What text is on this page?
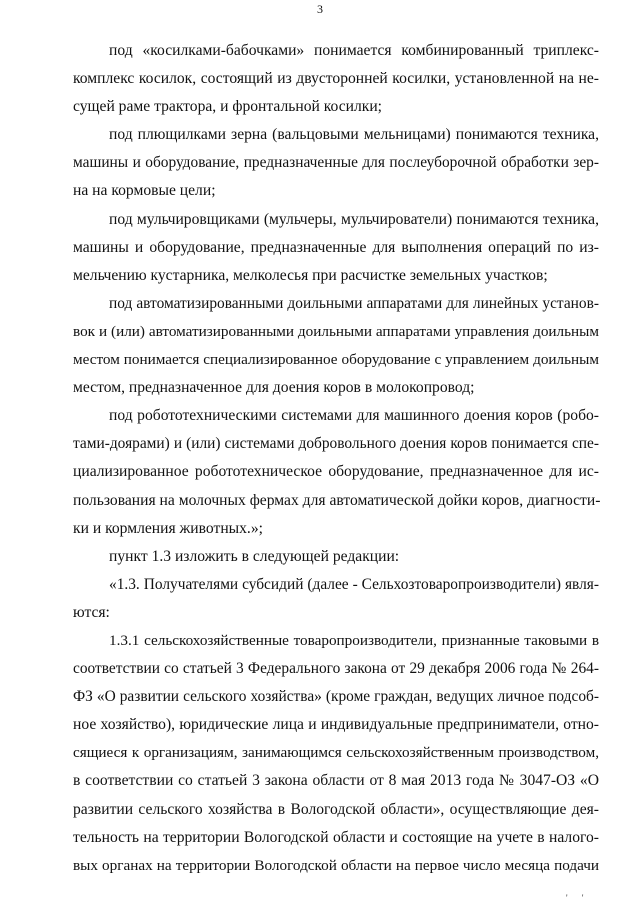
3
под «косилками-бабочками» понимается комбинированный триплекс-
комплекс косилок, состоящий из двусторонней косилки, установленной на не-
сущей раме трактора, и фронтальной косилки;
под плющилками зерна (вальцовыми мельницами) понимаются техника,
машины и оборудование, предназначенные для послеуборочной обработки зер-
на на кормовые цели;
под мульчировщиками (мульчеры, мульчирователи) понимаются техника,
машины и оборудование, предназначенные для выполнения операций по из-
мельчению кустарника, мелколесья при расчистке земельных участков;
под автоматизированными доильными аппаратами для линейных установ-
вок и (или) автоматизированными доильными аппаратами управления доильным
местом понимается специализированное оборудование с управлением доильным
местом, предназначенное для доения коров в молокопровод;
под робототехническими системами для машинного доения коров (робо-
тами-доярами) и (или) системами добровольного доения коров понимается спе-
циализированное робототехническое оборудование, предназначенное для ис-
пользования на молочных фермах для автоматической дойки коров, диагности-
ки и кормления животных.»;
пункт 1.3 изложить в следующей редакции:
«1.3. Получателями субсидий (далее - Сельхозтоваропроизводители) явля-
ются:
1.3.1 сельскохозяйственные товаропроизводители, признанные таковыми в
соответствии со статьей 3 Федерального закона от 29 декабря 2006 года № 264-
ФЗ «О развитии сельского хозяйства» (кроме граждан, ведущих личное подсоб-
ное хозяйство), юридические лица и индивидуальные предприниматели, отно-
сящиеся к организациям, занимающимся сельскохозяйственным производством,
в соответствии со статьей 3 закона области от 8 мая 2013 года № 3047-ОЗ «О
развитии сельского хозяйства в Вологодской области», осуществляющие дея-
тельность на территории Вологодской области и состоящие на учете в налого-
вых органах на территории Вологодской области на первое число месяца подачи
' '
